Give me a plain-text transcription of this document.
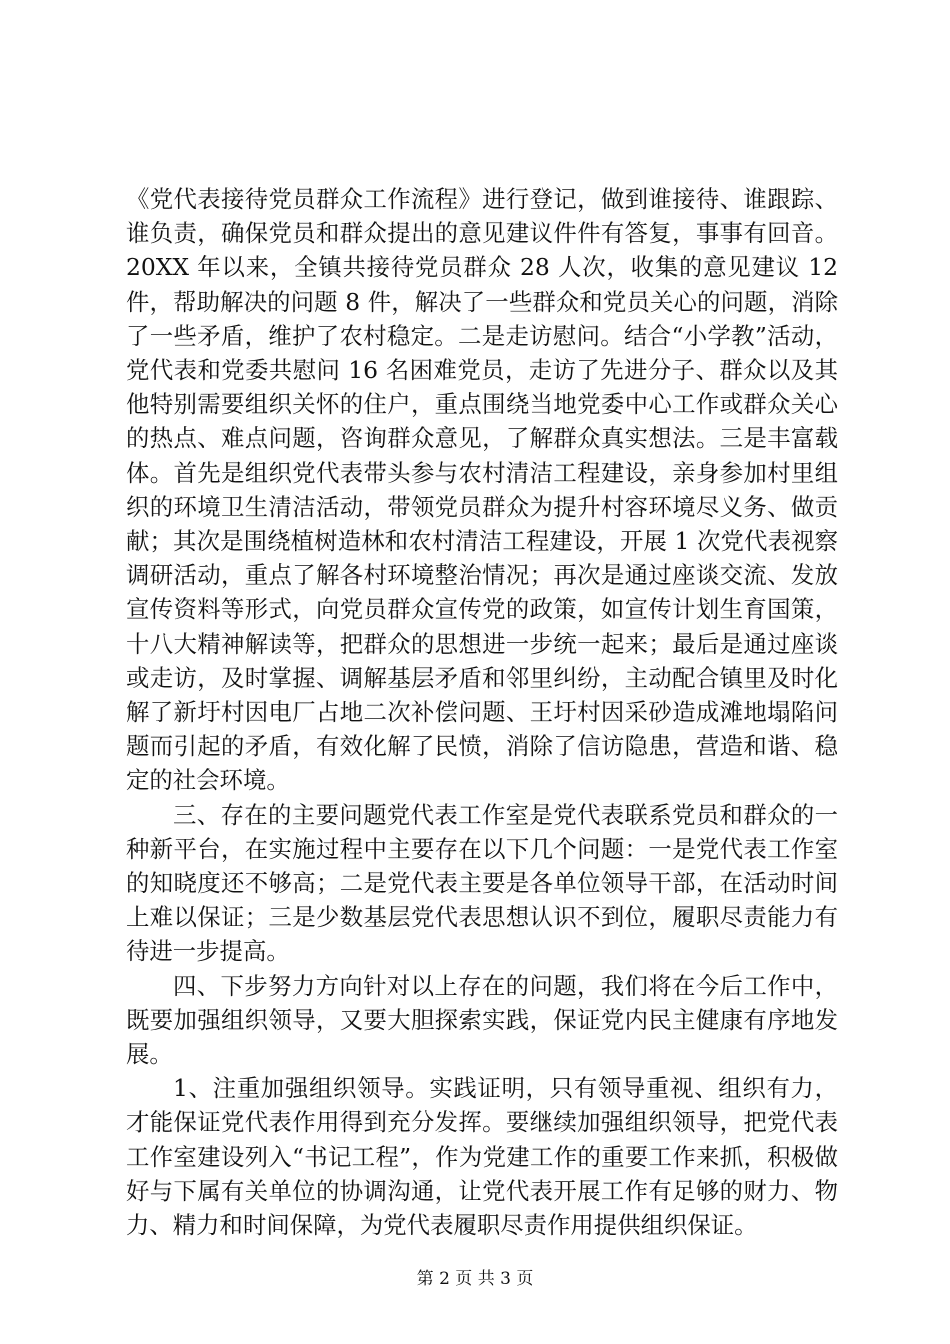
《党代表接待党员群众工作流程》进行登记，做到谁接待、谁跟踪、谁负责，确保党员和群众提出的意见建议件件有答复，事事有回音。20XX 年以来，全镇共接待党员群众 28 人次，收集的意见建议 12 件，帮助解决的问题 8 件，解决了一些群众和党员关心的问题，消除了一些矛盾，维护了农村稳定。二是走访慰问。结合“小学教”活动，党代表和党委共慰问 16 名困难党员，走访了先进分子、群众以及其他特别需要组织关怀的住户，重点围绕当地党委中心工作或群众关心的热点、难点问题，咨询群众意见，了解群众真实想法。三是丰富载体。首先是组织党代表带头参与农村清洁工程建设，亲身参加村里组织的环境卫生清洁活动，带领党员群众为提升村容环境尽义务、做贡献；其次是围绕植树造林和农村清洁工程建设，开展 1 次党代表视察调研活动，重点了解各村环境整治情况；再次是通过座谈交流、发放宣传资料等形式，向党员群众宣传党的政策，如宣传计划生育国策，十八大精神解读等，把群众的思想进一步统一起来；最后是通过座谈或走访，及时掌握、调解基层矛盾和邻里纠纷，主动配合镇里及时化解了新圩村因电厂占地二次补偿问题、王圩村因采砂造成滩地塌陷问题而引起的矛盾，有效化解了民愤，消除了信访隐患，营造和谐、稳定的社会环境。

三、存在的主要问题党代表工作室是党代表联系党员和群众的一种新平台，在实施过程中主要存在以下几个问题：一是党代表工作室的知晓度还不够高；二是党代表主要是各单位领导干部，在活动时间上难以保证；三是少数基层党代表思想认识不到位，履职尽责能力有待进一步提高。

四、下步努力方向针对以上存在的问题，我们将在今后工作中，既要加强组织领导，又要大胆探索实践，保证党内民主健康有序地发展。

1、注重加强组织领导。实践证明，只有领导重视、组织有力，才能保证党代表作用得到充分发挥。要继续加强组织领导，把党代表工作室建设列入“书记工程”，作为党建工作的重要工作来抓，积极做好与下属有关单位的协调沟通，让党代表开展工作有足够的财力、物力、精力和时间保障，为党代表履职尽责作用提供组织保证。

第 2 页 共 3 页
